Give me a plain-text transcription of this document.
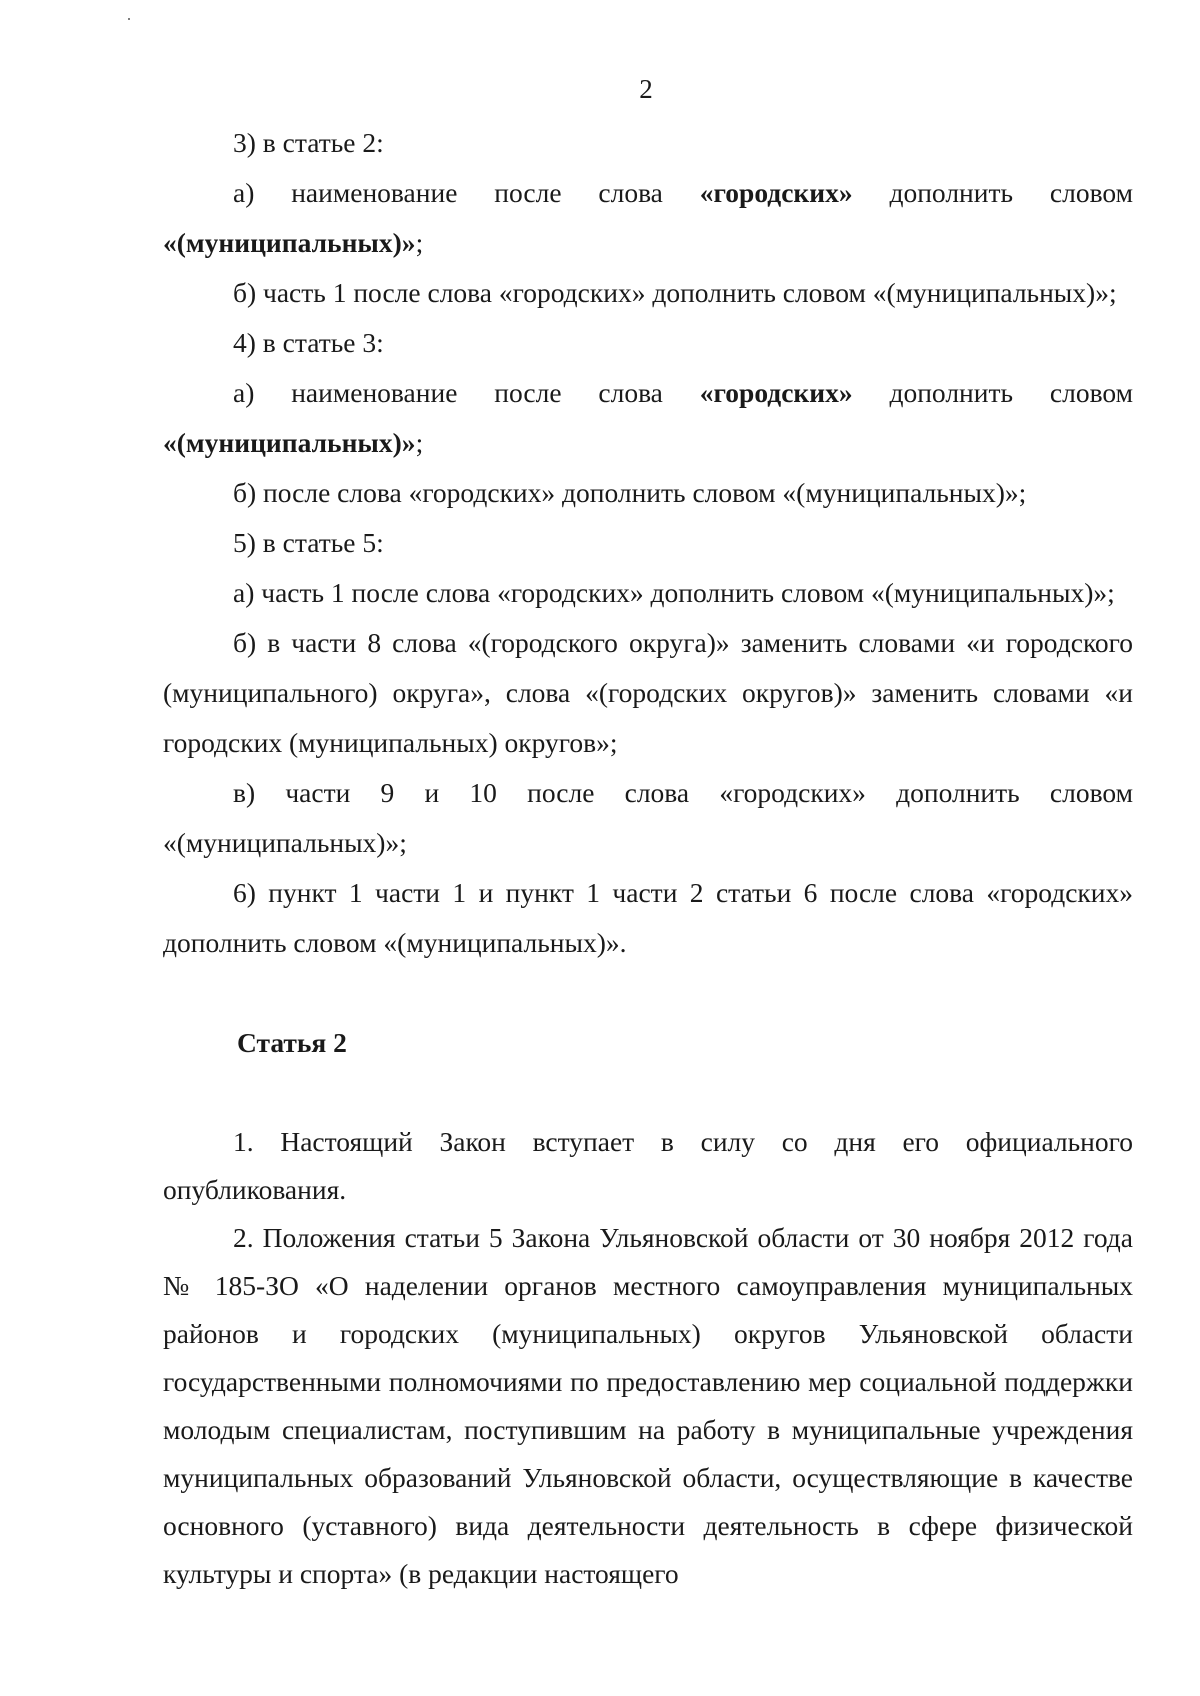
2

3) в статье 2:

а) наименование после слова «городских» дополнить словом «(муниципальных)»;

б) часть 1 после слова «городских» дополнить словом «(муниципальных)»;

4) в статье 3:

а) наименование после слова «городских» дополнить словом «(муниципальных)»;

б) после слова «городских» дополнить словом «(муниципальных)»;

5) в статье 5:

а) часть 1 после слова «городских» дополнить словом «(муниципальных)»;

б) в части 8 слова «(городского округа)» заменить словами «и городского (муниципального) округа», слова «(городских округов)» заменить словами «и городских (муниципальных) округов»;

в) части 9 и 10 после слова «городских» дополнить словом «(муниципальных)»;

6) пункт 1 части 1 и пункт 1 части 2 статьи 6 после слова «городских» дополнить словом «(муниципальных)».

Статья 2

1. Настоящий Закон вступает в силу со дня его официального опубликования.

2. Положения статьи 5 Закона Ульяновской области от 30 ноября 2012 года № 185-ЗО «О наделении органов местного самоуправления муниципальных районов и городских (муниципальных) округов Ульяновской области государственными полномочиями по предоставлению мер социальной поддержки молодым специалистам, поступившим на работу в муниципальные учреждения муниципальных образований Ульяновской области, осуществляющие в качестве основного (уставного) вида деятельности деятельность в сфере физической культуры и спорта» (в редакции настоящего
